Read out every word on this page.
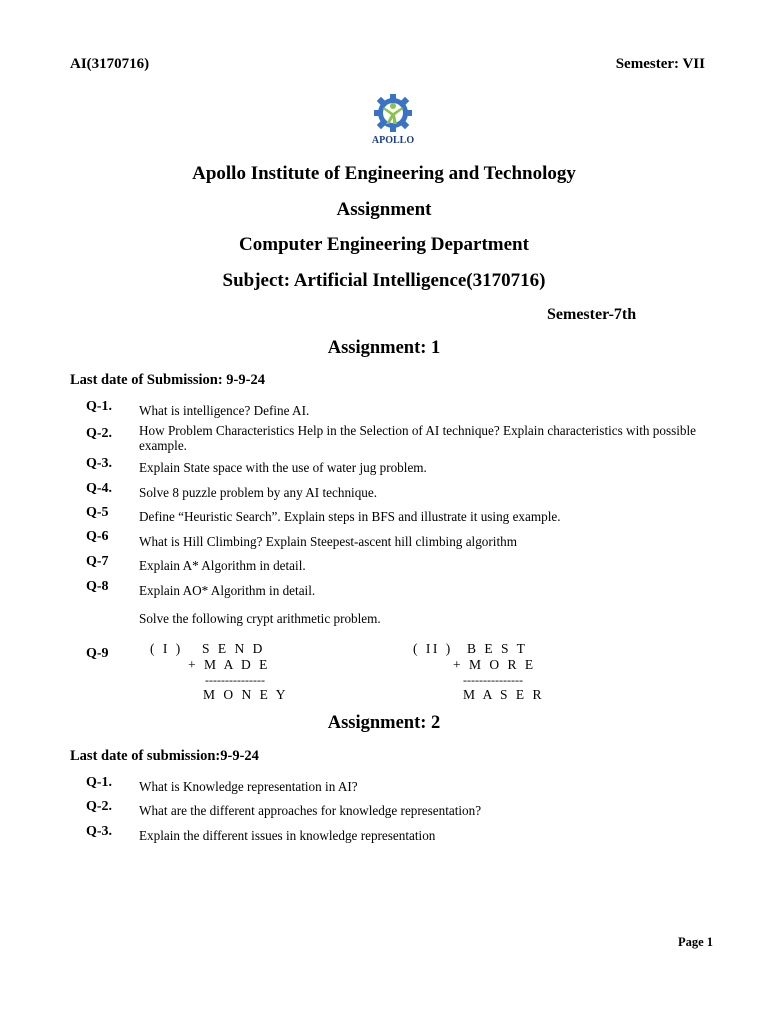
AI(3170716)	Semester: VII
APOLLO
Apollo Institute of Engineering and Technology
Assignment
Computer Engineering Department
Subject: Artificial Intelligence(3170716)
Semester-7th
Assignment: 1
Last date of Submission: 9-9-24
Q-1. What is intelligence? Define AI.
Q-2. How Problem Characteristics Help in the Selection of AI technique? Explain characteristics with possible example.
Q-3. Explain State space with the use of water jug problem.
Q-4. Solve 8 puzzle problem by any AI technique.
Q-5 Define “Heuristic Search”. Explain steps in BFS and illustrate it using example.
Q-6 What is Hill Climbing? Explain Steepest-ascent hill climbing algorithm
Q-7 Explain A* Algorithm in detail.
Q-8 Explain AO* Algorithm in detail.
Solve the following crypt arithmetic problem.
Q-9	( I ) S E N D
+ M A D E
---------------
M O N E Y
( II ) B E S T
+ M O R E
---------------
M A S E R
Assignment: 2
Last date of submission:9-9-24
Q-1. What is Knowledge representation in AI?
Q-2. What are the different approaches for knowledge representation?
Q-3. Explain the different issues in knowledge representation
Page 1
